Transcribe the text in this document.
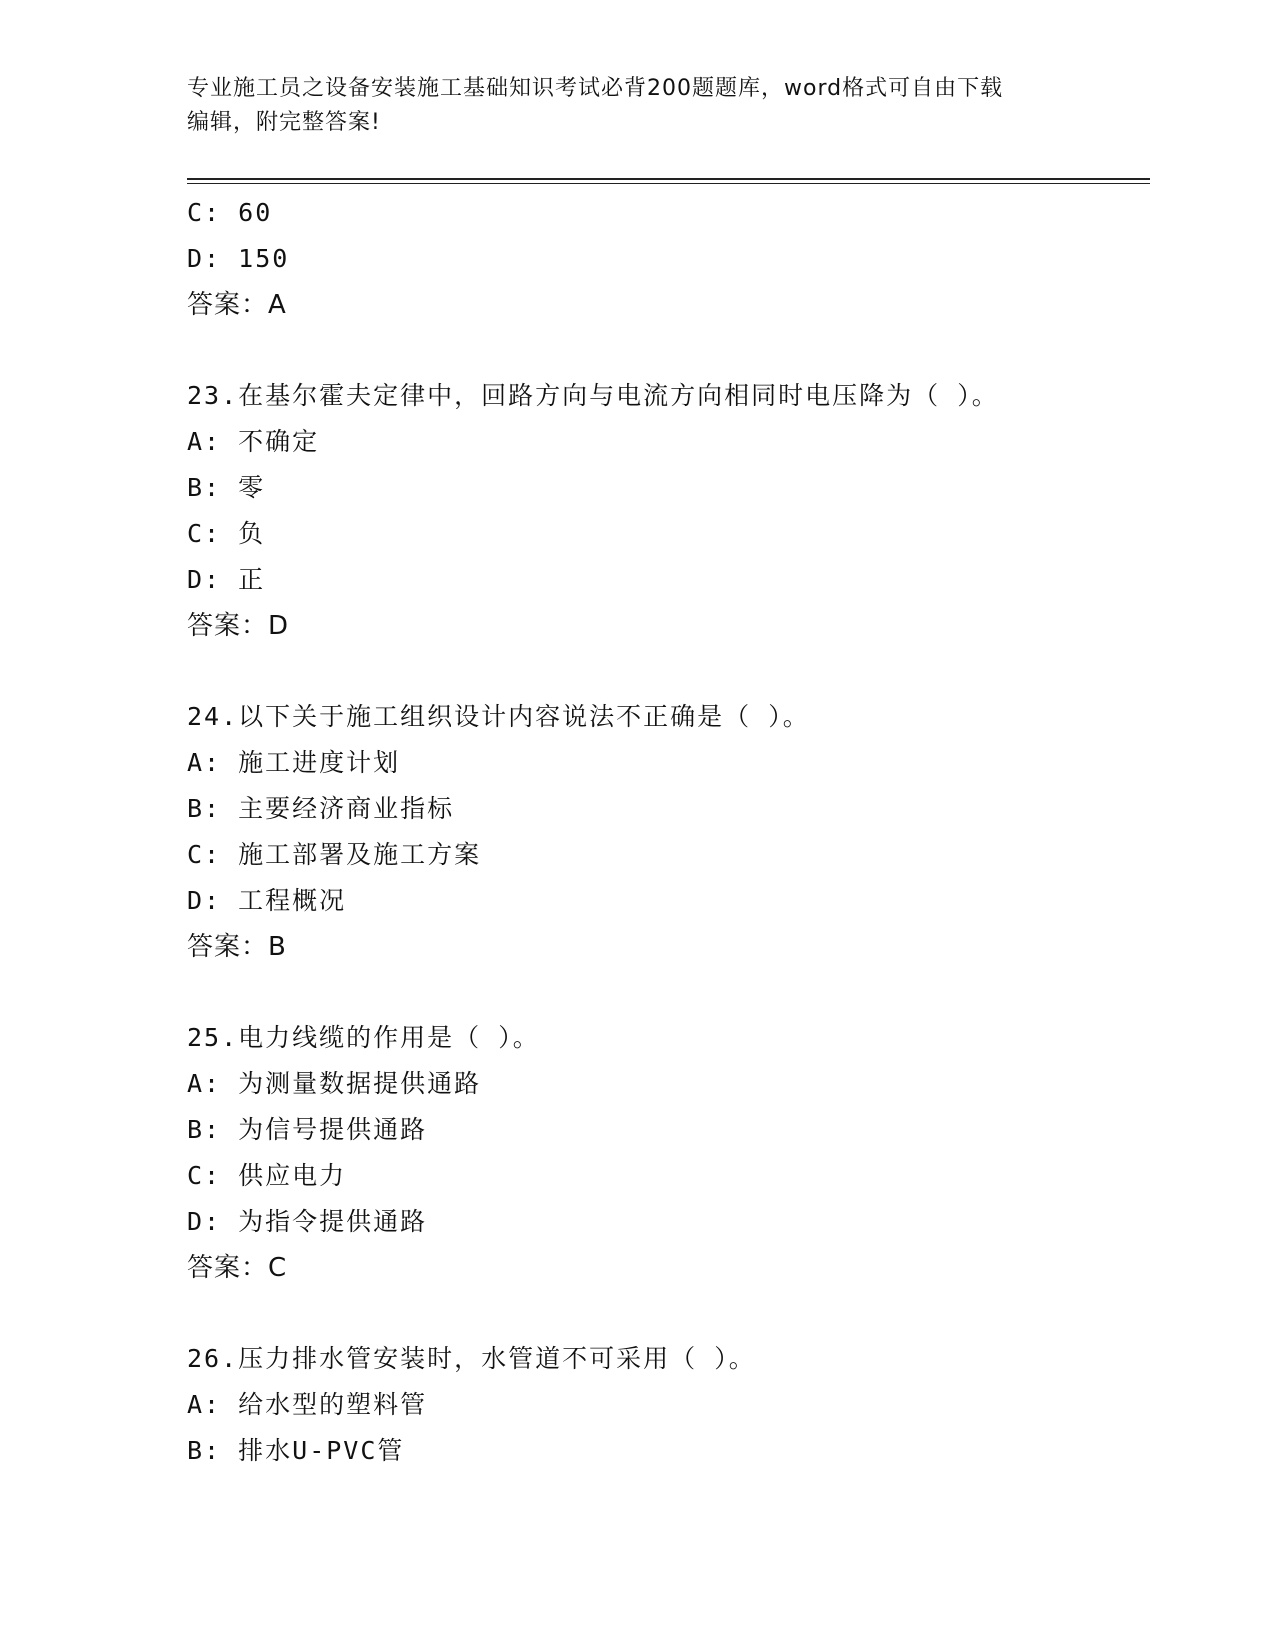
专业施工员之设备安装施工基础知识考试必背200题题库，word格式可自由下载
编辑，附完整答案!
C: 60
D: 150
答案：A
23.在基尔霍夫定律中，回路方向与电流方向相同时电压降为（ ）。
A: 不确定
B: 零
C: 负
D: 正
答案：D
24.以下关于施工组织设计内容说法不正确是（ ）。
A: 施工进度计划
B: 主要经济商业指标
C: 施工部署及施工方案
D: 工程概况
答案：B
25.电力线缆的作用是（ ）。
A: 为测量数据提供通路
B: 为信号提供通路
C: 供应电力
D: 为指令提供通路
答案：C
26.压力排水管安装时，水管道不可采用（ ）。
A: 给水型的塑料管
B: 排水U-PVC管
